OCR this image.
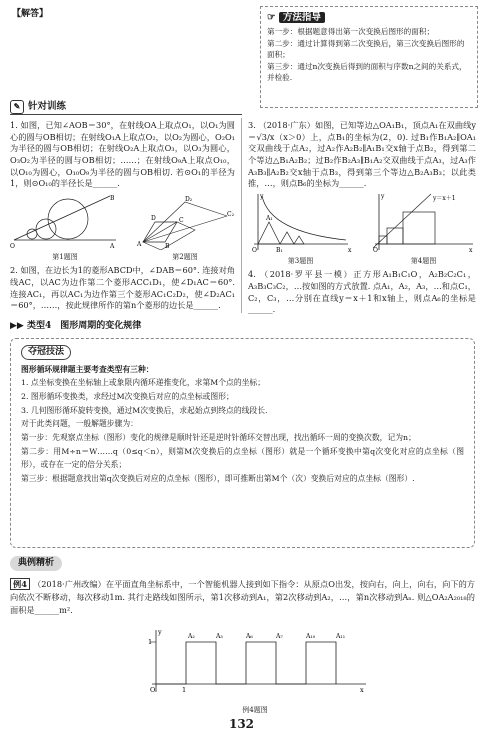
【解答】	☞ 方法指导

第一步：根据题意得出第一次变换后图形的面积；

第二步：通过计算得到第二次变换后，第三次变换后图形的面积；

第三步：通过n次变换后得到的面积与序数n之间的关系式，并检验.

✎ 针对训练

1. 如图，已知∠AOB＝30°，在射线OA上取点O₁，以O₁为圆心的圆与OB相切；在射线O₁A上取点O₂，以O₂为圆心，O₂O₁为半径的圆与OB相切；在射线O₂A上取点O₃，以O₃为圆心，O₃O₂为半径的圆与OB相切；……；在射线O₉A上取点O₁₀，以O₁₀为圆心，O₁₀O₉为半径的圆与OB相切. 若⊙O₁的半径为1，则⊙O₁₀的半径长是______.

O	A
B
第1题图
A	B
C
D
C₂
D₂
第2题图

2. 如图，在边长为1的菱形ABCD中，∠DAB＝60°. 连接对角线AC，以AC为边作第二个菱形ACC₁D₁，使∠D₁AC＝60°. 连接AC₁，再以AC₁为边作第三个菱形AC₁C₂D₂，使∠D₂AC₁＝60°，……，按此规律所作的第n个菱形的边长是______.

3. （2018·广东）如图，已知等边△OA₁B₁，顶点A₁在双曲线y＝√3/x（x＞0）上，点B₁的坐标为(2，0). 过B₁作B₁A₂∥OA₁交双曲线于点A₂，过A₂作A₂B₂∥A₁B₁交x轴于点B₂，得到第二个等边△B₁A₂B₂；过B₂作B₂A₃∥B₁A₂交双曲线于点A₃，过A₃作A₃B₃∥A₂B₂交x轴于点B₃，得到第三个等边△B₂A₃B₃；以此类推，…，则点B₆的坐标为______.

O	x
y
A₁
B₁
第3题图
O	x
y	y＝x＋1
第4题图

4. （2018·罗平县一模）正方形A₁B₁C₁O，A₂B₂C₂C₁，A₃B₃C₃C₂，…按如图的方式放置. 点A₁，A₂，A₃，…和点C₁，C₂，C₃，…分别在直线y＝x＋1和x轴上，则点A₆的坐标是______.

▶▶ 类型4　图形周期的变化规律
夺冠技法

图形循环规律题主要考查类型有三种：

1. 点坐标变换在坐标轴上或象限内循环递推变化，求第M个点的坐标；

2. 图形循环变换类，求经过M次变换后对应的点坐标或图形；

3. 几何图形循环旋转变换，通过M次变换后，求起始点到终点的线段长.

对于此类问题，一般解题步骤为：

第一步：先观察点坐标（图形）变化的规律是顺时针还是逆时针循环交替出现，找出循环一周的变换次数，记为n；

第二步：用M÷n＝W……q（0≤q＜n），则第M次变换后的点坐标（图形）就是一个循环变换中第q次变化对应的点坐标（图形），或存在一定的倍分关系；

第三步：根据题意找出第q次变换后对应的点坐标（图形），即可推断出第M个（次）变换后对应的点坐标（图形）.

典例精析
例4 （2018·广州改编）在平面直角坐标系中，一个智能机器人接到如下指令：从原点O出发，按向右，向上，向右，向下的方向依次不断移动，每次移动1m. 其行走路线如图所示，第1次移动到A₁，第2次移动到A₂，…，第n次移动到Aₙ. 则△OA₂A₂₀₁₈的面积是______m².
O	1
1
x
y
A₂	A₃	A₆	A₇	A₁₀	A₁₁
例4题图
132
